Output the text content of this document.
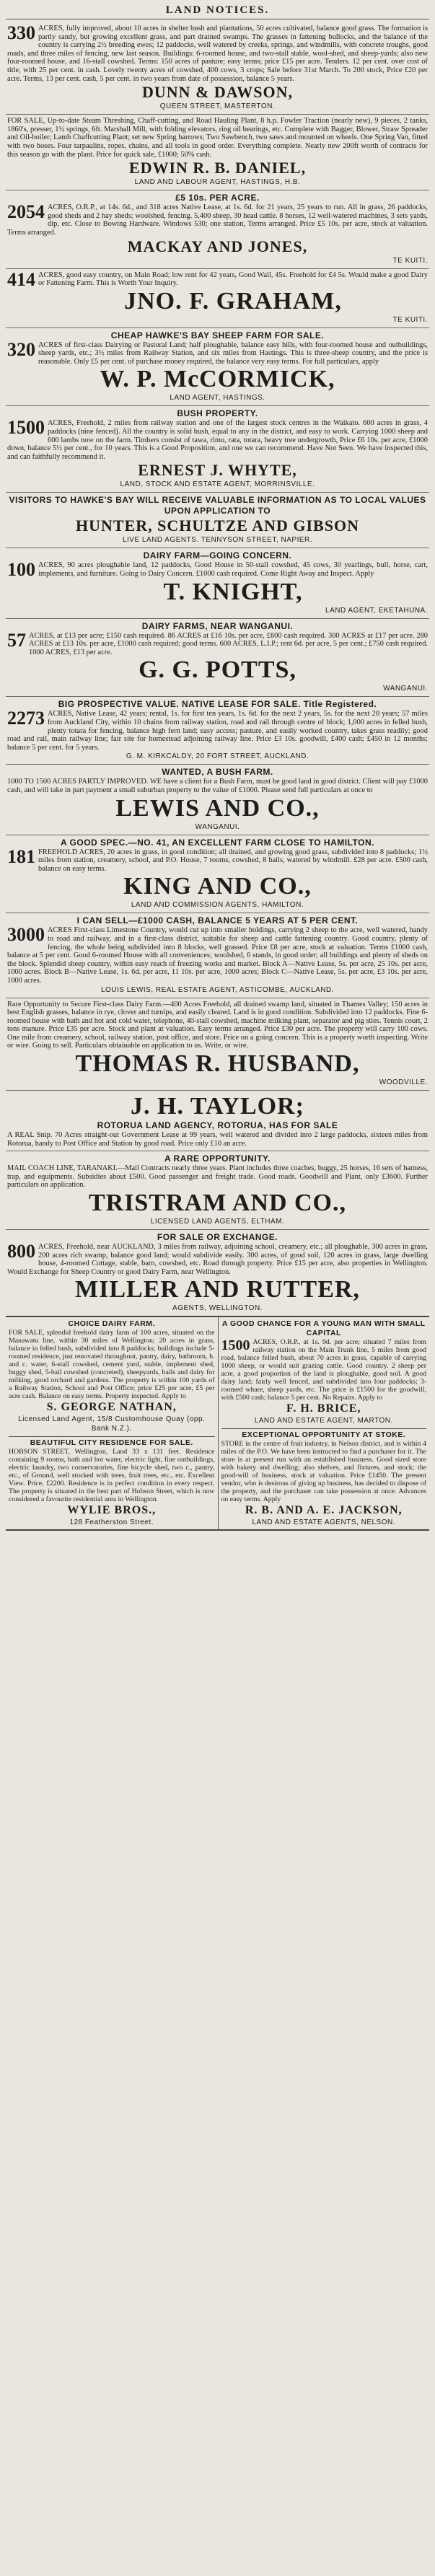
LAND NOTICES.
330 ACRES, fully improved, about 10 acres in shelter bush and plantations, 50 acres cultivated, balance good grass. The formation is partly sandy, but growing excellent grass, and part drained swamps. The grasses in fattening bullocks, and the balance of the country is carrying 2½ breeding ewes; 12 paddocks, well watered by creeks, springs, and windmills, with concrete troughs, good roads, and three miles of fencing, new last season. Buildings: 6-roomed house, and two-stall stable, wool-shed, and sheep-yards; also new four-roomed house, and 16-stall cowshed. Terms: 150 acres of pasture; easy terms; price £15 per acre. Tenders. 12 per cent. over cost of title, with 25 per cent. in cash. Lovely twenty acres of cowshed, 400 cows, 3 crops; Sale before 31st March. To 200 stock, Price £20 per acre. Terms, 13 per cent. cash, 5 per cent. in two years from date of possession, balance 5 years.
DUNN & DAWSON,
QUEEN STREET, MASTERTON.
FOR SALE, Up-to-date Steam Threshing, Chaff-cutting, and Road Hauling Plant, 8 h.p. Fowler Traction (nearly new), 9 pieces, 2 tanks, 1860's, presser, 1½ springs, 6ft. Marshall Mill, with folding elevators, ring oil bearings, etc. Complete with Bagger, Blower, Straw Spreader and Oil-boiler; Lamb Chaffcutting Plant; set new Spring harrows; Two Sawbench, two saws and mounted on wheels. One Spring Van, fitted with two hoses. Four tarpaulins, ropes, chains, and all tools in good order. Everything complete. Nearly new 200ft worth of contracts for this season go with the plant. Price for quick sale, £1000; 50% cash.
EDWIN R. B. DANIEL,
LAND AND LABOUR AGENT, HASTINGS, H.B.
£5 10s. PER ACRE.
2054 ACRES, O.R.P., at 14s. 6d., and 318 acres Native Lease, at 1s. 6d. for 21 years, 25 years to run. All in grass, 26 paddocks, good sheds and 2 hay sheds; woolshed, fencing. 5,400 sheep, 30 head cattle. 8 horses, 12 well-watered machines, 3 sets yards, dip, etc. Close to Bowing Hardware. Windows 530; one station, Terms arranged. Price £5 10s. per acre, stock at valuation. Terms arranged.
MACKAY AND JONES,
TE KUITI.
414 ACRES, good easy country, on Main Road; low rent for 42 years, Good Wall, 45s. Freehold for £4 5s. Would make a good Dairy or Fattening Farm. This is Worth Your Inquiry.
JNO. F. GRAHAM,
TE KUITI.
CHEAP HAWKE'S BAY SHEEP FARM FOR SALE.
320 ACRES of first-class Dairying or Pastoral Land; half ploughable, balance easy hills, with four-roomed house and outbuildings, sheep yards, etc.; 3½ miles from Railway Station, and six miles from Hastings. This is three-sheep country, and the price is reasonable. Only £5 per cent. of purchase money required, the balance very easy terms. For full particulars, apply
W. P. McCORMICK,
LAND AGENT, HASTINGS.
BUSH PROPERTY.
1500 ACRES, Freehold, 2 miles from railway station and one of the largest stock centres in the Waikato. 600 acres in grass, 4 paddocks (nine fenced). All the country is solid bush, equal to any in the district, and easy to work. Carrying 1000 sheep and 600 lambs now on the farm. Timbers consist of tawa, rimu, rata, totara, heavy tree undergrowth, Price £6 10s. per acre, £1000 down, balance 5½ per cent., for 10 years. This is a Good Proposition, and one we can recommend. Have Not Seen. We have inspected this, and can faithfully recommend it.
ERNEST J. WHYTE,
LAND, STOCK AND ESTATE AGENT, MORRINSVILLE.
VISITORS TO HAWKE'S BAY WILL RECEIVE VALUABLE INFORMATION AS TO LOCAL VALUES UPON APPLICATION TO
HUNTER, SCHULTZE AND GIBSON
LIVE LAND AGENTS. TENNYSON STREET, NAPIER.
DAIRY FARM—GOING CONCERN.
100 ACRES, 90 acres ploughable land, 12 paddocks, Good House in 50-stall cowshed, 45 cows, 30 yearlings, bull, horse, cart, implements, and furniture. Going to Dairy Concern. £1000 cash required. Come Right Away and Inspect. Apply
T. KNIGHT,
LAND AGENT, EKETAHUNA.
DAIRY FARMS, NEAR WANGANUI.
57 ACRES, at £13 per acre; £150 cash required. 86 ACRES at £16 10s. per acre, £600 cash required. 300 ACRES at £17 per acre. 280 ACRES at £13 10s. per acre, £1000 cash required; good terms. 600 ACRES, L.I.P.; rent 6d. per acre, 5 per cent.; £750 cash required. 1000 ACRES, £13 per acre.
G. G. POTTS,
WANGANUI.
BIG PROSPECTIVE VALUE. NATIVE LEASE FOR SALE. Title Registered.
2273 ACRES, Native Lease, 42 years; rental, 1s. for first ten years, 1s. 6d. for the next 2 years, 5s. for the next 20 years; 57 miles from Auckland City, within 10 chains from railway station, road and rail through centre of block; 1,000 acres in felled bush, plenty totara for fencing, balance high fern land; easy access; pasture, and easily worked country, takes grass readily; good road and rail, main railway line; fair site for homestead adjoining railway line. Price £3 10s. goodwill, £400 cash; £450 in 12 months; balance 5 per cent. for 5 years.
G. M. KIRKCALDY, 20 FORT STREET, AUCKLAND.
WANTED, A BUSH FARM.
1000 TO 1500 ACRES PARTLY IMPROVED. WE have a client for a Bush Farm, must be good land in good district. Client will pay £1000 cash, and will take in part payment a small suburban property to the value of £1000. Please send full particulars at once to
LEWIS AND CO.,
WANGANUI.
A GOOD SPEC.—NO. 41, AN EXCELLENT FARM CLOSE TO HAMILTON.
181 FREEHOLD ACRES, 20 acres in grass, in good condition; all drained, and growing good grass, subdivided into 8 paddocks; 1½ miles from station, creamery, school, and P.O. House, 7 rooms, cowshed, 8 bails, watered by windmill. £28 per acre. £500 cash, balance on easy terms.
KING AND CO.,
LAND AND COMMISSION AGENTS, HAMILTON.
I CAN SELL—£1000 CASH, BALANCE 5 YEARS AT 5 PER CENT.
3000 ACRES First-class Limestone Country, would cut up into smaller holdings, carrying 2 sheep to the acre, well watered, handy to road and railway, and in a first-class district, suitable for sheep and cattle fattening country. Good country, plenty of fencing, the whole being subdivided into 8 blocks, well grassed. Price £8 per acre, stock at valuation. Terms £1000 cash, balance at 5 per cent. Good 6-roomed House with all conveniences; woolshed, 6 stands, in good order; all buildings and plenty of sheds on the block. Splendid sheep country, within easy reach of freezing works and market. Block A—Native Lease, 5s. per acre, 25 10s. per acre, 1000 acres. Block B—Native Lease, 1s. 6d. per acre, 11 10s. per acre, 1000 acres; Block C—Native Lease, 5s. per acre, £3 10s. per acre, 1000 acres.
LOUIS LEWIS, REAL ESTATE AGENT, ASTICOMBE, AUCKLAND.
Rare Opportunity to Secure First-class Dairy Farm.—400 Acres Freehold, all drained swamp land, situated in Thames Valley; 150 acres in best English grasses, balance in rye, clover and turnips, and easily cleared. Land is in good condition. Subdivided into 12 paddocks. Fine 6-roomed house with bath and hot and cold water, telephone, 40-stall cowshed, machine milking plant, separator and pig sties. Tennis court, 2 tons manure. Price £35 per acre. Stock and plant at valuation. Easy terms arranged. Price £30 per acre. The property will carry 100 cows. One mile from creamery, school, railway station, post office, and store. Price on a going concern. This is a property worth inspecting. Write or wire. Going to sell. Particulars obtainable on application to us. Write, or wire.
THOMAS R. HUSBAND,
WOODVILLE.
J. H. TAYLOR;
ROTORUA LAND AGENCY, ROTORUA, HAS FOR SALE
A REAL Snip. 70 Acres straight-out Government Lease at 99 years, well watered and divided into 2 large paddocks, sixteen miles from Rotorua, handy to Post Office and Station by good road. Price only £10 an acre.
A RARE OPPORTUNITY.
MAIL COACH LINE, TARANAKI.—Mail Contracts nearly three years. Plant includes three coaches, buggy, 25 horses, 16 sets of harness, trap, and equipments. Subsidies about £500. Good passenger and freight trade. Good roads. Goodwill and Plant, only £3600. Further particulars on application.
TRISTRAM AND CO.,
LICENSED LAND AGENTS, ELTHAM.
FOR SALE OR EXCHANGE.
800 ACRES, Freehold, near AUCKLAND, 3 miles from railway, adjoining school, creamery, etc.; all ploughable, 300 acres in grass, 200 acres rich swamp, balance good land; would subdivide easily. 300 acres, of good soil, 120 acres in grass, large dwelling house, 4-roomed Cottage, stable, barn, cowshed, etc. Road through property. Price £15 per acre, also properties in Wellington. Would Exchange for Sheep Country or good Dairy Farm, near Wellington.
MILLER AND RUTTER,
AGENTS, WELLINGTON.
CHOICE DAIRY FARM.
FOR SALE, splendid freehold dairy farm of 100 acres, situated on the Manawatu line, within 30 miles of Wellington; 20 acres in grass, balance in felled bush, subdivided into 8 paddocks; buildings include 5-roomed residence, just renovated throughout, pantry, dairy, bathroom, h. and c. water, 6-stall cowshed, cement yard, stable, implement shed, buggy shed, 5-bail cowshed (concreted), sheepyards, bails and dairy for milking, good orchard and gardens. The property is within 100 yards of a Railway Station, School and Post Office; price £25 per acre, £5 per acre cash. Balance on easy terms. Property inspected. Apply to
S. GEORGE NATHAN,
Licensed Land Agent, 15/8 Customhouse Quay (opp. Bank N.Z.).
BEAUTIFUL CITY RESIDENCE FOR SALE.
HOBSON STREET, Wellington, Land 33 x 131 feet. Residence containing 9 rooms, bath and hot water, electric light, fine outbuildings, electric laundry, two conservatories, fine bicycle shed, two c., pantry, etc., of Ground, well stocked with trees, fruit trees, etc., etc. Excellent View. Price, £2200. Residence is in perfect condition in every respect. The property is situated in the best part of Hobson Street, which is now considered a favourite residential area in Wellington.
WYLIE BROS.,
128 Featherston Street.
A GOOD CHANCE FOR A YOUNG MAN WITH SMALL CAPITAL
1500 ACRES, O.R.P., at 1s. 9d. per acre; situated 7 miles from railway station on the Main Trunk line, 5 miles from good road, balance felled bush, about 70 acres in grass, capable of carrying 1000 sheep, or would suit grazing cattle. Good country. 2 sheep per acre, a good proportion of the land is ploughable, good soil. A good dairy land; fairly well fenced, and subdivided into four paddocks; 3-roomed whare, sheep yards, etc. The price is £1500 for the goodwill, with £500 cash; balance 5 per cent. No Repairs. Apply to
F. H. BRICE,
LAND AND ESTATE AGENT, MARTON.
EXCEPTIONAL OPPORTUNITY AT STOKE.
STORE in the centre of fruit industry, in Nelson district, and is within 4 miles of the P.O. We have been instructed to find a purchaser for it. The store is at present run with an established business. Good sized store with bakery and dwelling; also shelves, and fixtures, and stock; the good-will of business, stock at valuation. Price £1450. The present vendor, who is desirous of giving up business, has decided to dispose of the property, and the purchaser can take possession at once. Advances on easy terms. Apply
R. B. AND A. E. JACKSON,
LAND AND ESTATE AGENTS, NELSON.
